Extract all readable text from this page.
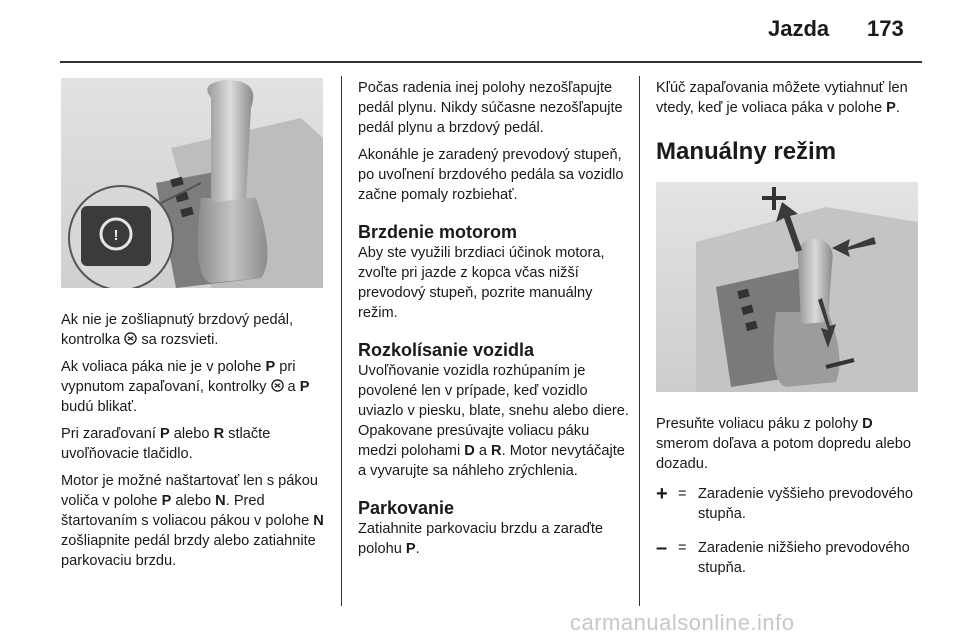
Jazda 173
!

Ak nie je zošliapnutý brzdový pedál, kontrolka  sa rozsvieti.

Ak voliaca páka nie je v polohe P pri vypnutom zapaľovaní, kontrolky  a P budú blikať.

Pri zaraďovaní P alebo R stlačte uvoľňovacie tlačidlo.

Motor je možné naštartovať len s pákou voliča v polohe P alebo N. Pred štartovaním s voliacou pákou v polohe N zošliapnite pedál brzdy alebo zatiahnite parkovaciu brzdu.

Počas radenia inej polohy nezošľapujte pedál plynu. Nikdy súčasne nezošľapujte pedál plynu a brzdový pedál.

Akonáhle je zaradený prevodový stupeň, po uvoľnení brzdového pedála sa vozidlo začne pomaly rozbiehať.

Brzdenie motorom

Aby ste využili brzdiaci účinok motora, zvoľte pri jazde z kopca včas nižší prevodový stupeň, pozrite manuálny režim.

Rozkolísanie vozidla

Uvoľňovanie vozidla rozhúpaním je povolené len v prípade, keď vozidlo uviazlo v piesku, blate, snehu alebo diere. Opakovane presúvajte voliacu páku medzi polohami D a R. Motor nevytáčajte a vyvarujte sa náhleho zrýchlenia.

Parkovanie

Zatiahnite parkovaciu brzdu a zaraďte polohu P.

Kľúč zapaľovania môžete vytiahnuť len vtedy, keď je voliaca páka v polohe P.

Manuálny režim

Presuňte voliacu páku z polohy D smerom doľava a potom dopredu alebo dozadu.

+ = Zaradenie vyššieho prevodového stupňa.
– = Zaradenie nižšieho prevodového stupňa.
carmanualsonline.info
